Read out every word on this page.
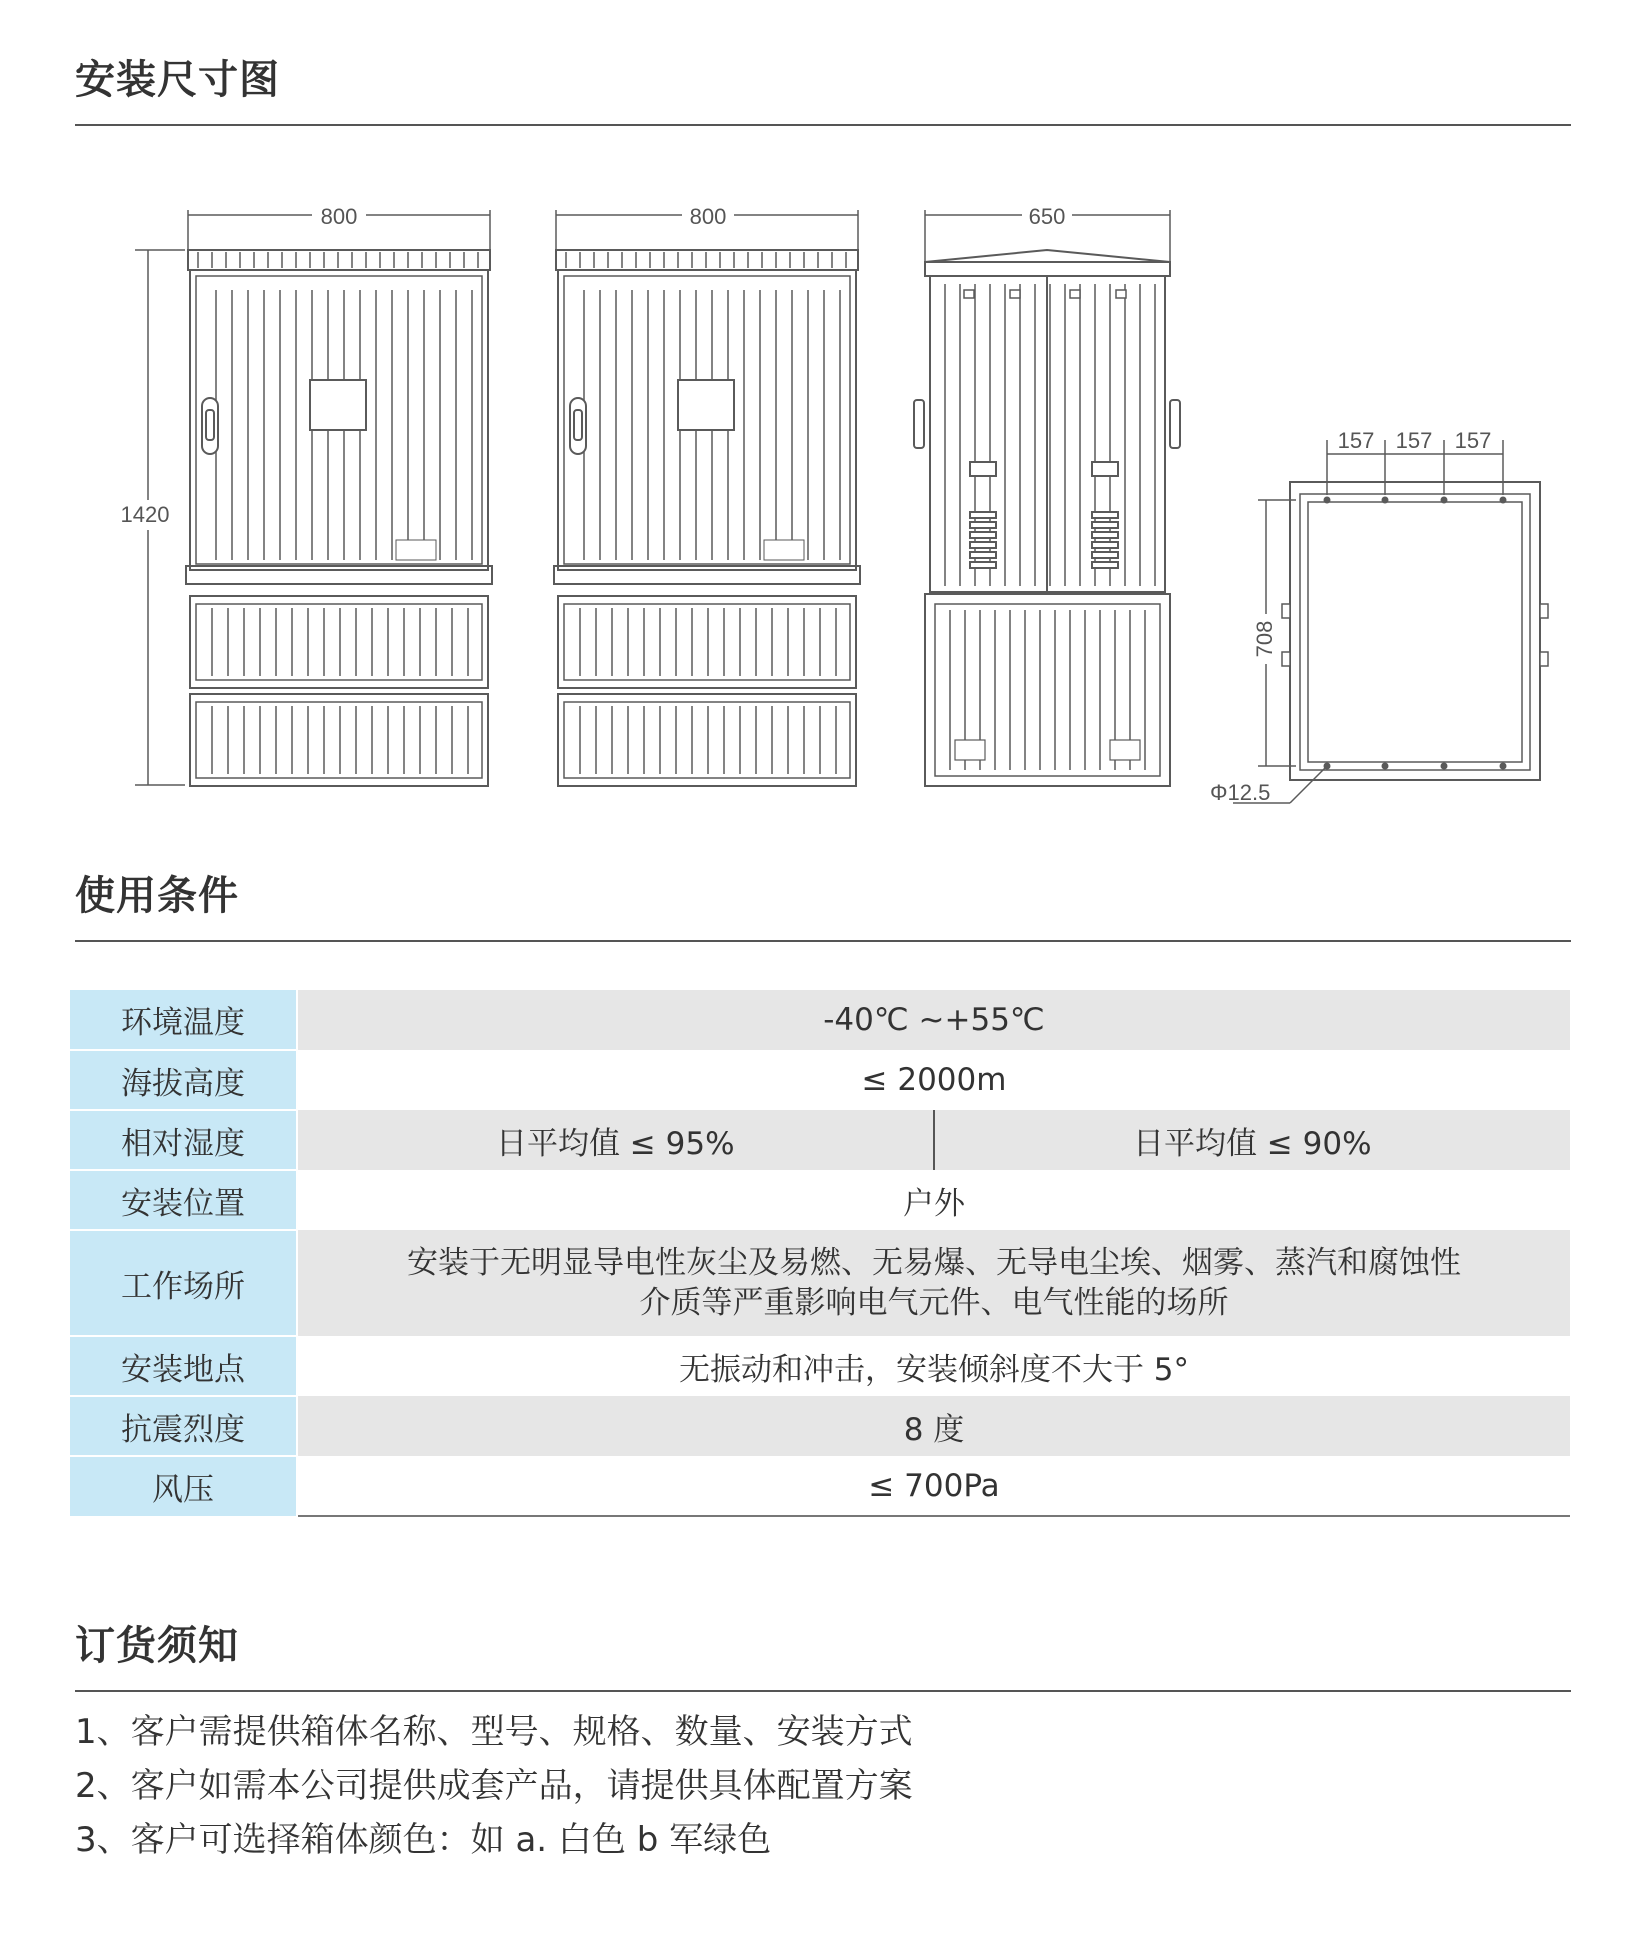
安装尺寸图
800	800	650
1420
157 157 157
708
Φ12.5
使用条件
环境温度	-40℃ ~+55℃	
海拔高度	≤ 2000m	
相对湿度	日平均值 ≤ 95%	日平均值 ≤ 90%
安装位置	户外	
工作场所	安装于无明显导电性灰尘及易燃、无易爆、无导电尘埃、烟雾、蒸汽和腐蚀性
介质等严重影响电气元件、电气性能的场所	

安装地点	无振动和冲击，安装倾斜度不大于 5°	
抗震烈度	8 度	
风压	≤ 700Pa	
订货须知
1、客户需提供箱体名称、型号、规格、数量、安装方式
2、客户如需本公司提供成套产品，请提供具体配置方案
3、客户可选择箱体颜色：如 a. 白色 b 军绿色
